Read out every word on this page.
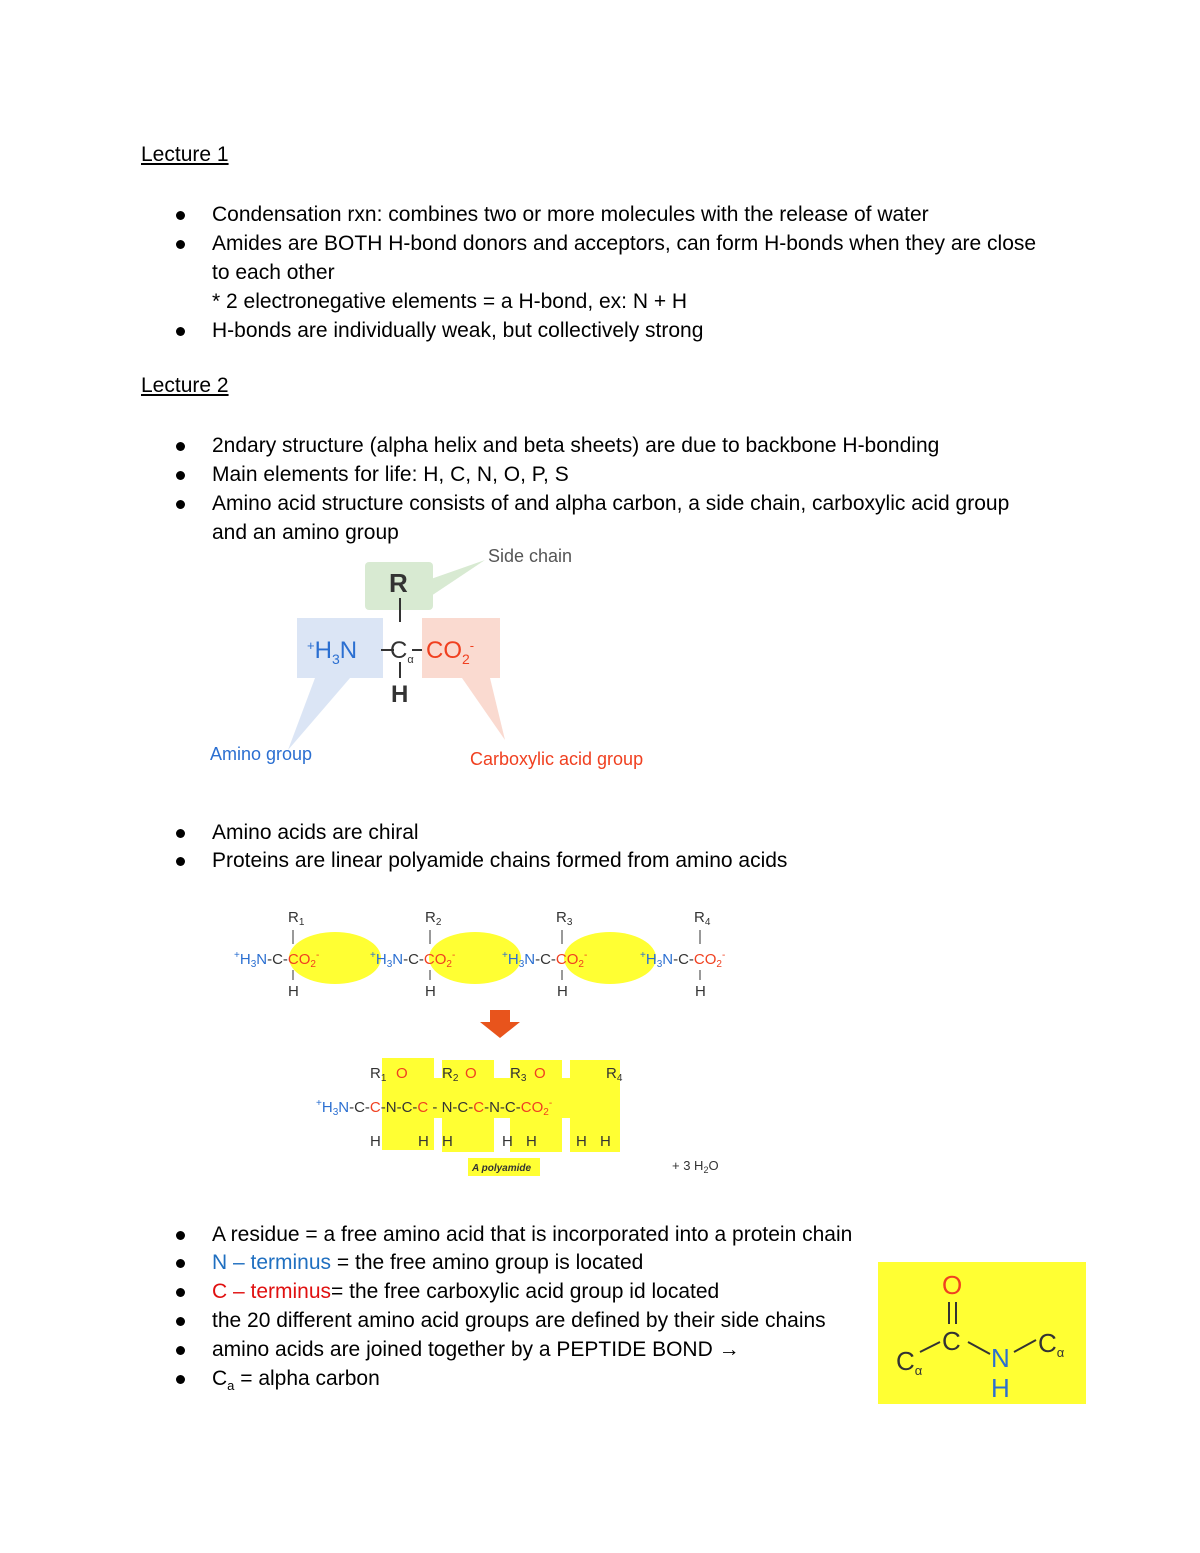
Lecture 1
Condensation rxn: combines two or more molecules with the release of water
Amides are BOTH H-bond donors and acceptors, can form H-bonds when they are close
to each other
* 2 electronegative elements = a H-bond, ex: N + H
H-bonds are individually weak, but collectively strong
Lecture 2
2ndary structure (alpha helix and beta sheets) are due to backbone H-bonding
Main elements for life: H, C, N, O, P, S
Amino acid structure consists of and alpha carbon, a side chain, carboxylic acid group
and an amino group
Side chain
R
$^+H_3N$ $C_\alpha$
H
$CO_2^-$
Amino group	Carboxylic acid group
Amino acids are chiral
Proteins are linear polyamide chains formed from amino acids
$R_1$	$R_2$	$R_3$	$R_4$
$^+H_3N-C-CO_2^-$	$^+H_3N-C-CO_2^-$	$^+H_3N-C-CO_2^-$	$^+H_3N-C-CO_2^-$
H	H	H	H
$R_1$ O $R_2$ O $R_3$ O	$R_4$
$^+H_3N-C-C-N-C-C - N-C-C-N-C-CO_2^-$
H H H	H H	H H
A polyamide	+ 3 $H_2O$
A residue = a free amino acid that is incorporated into a protein chain
N – terminus = the free amino group is located
C – terminus= the free carboxylic acid group id located
the 20 different amino acid groups are defined by their side chains
amino acids are joined together by a PEPTIDE BOND →
$C_a$ = alpha carbon
O
C
N
H
Cα
Cα
